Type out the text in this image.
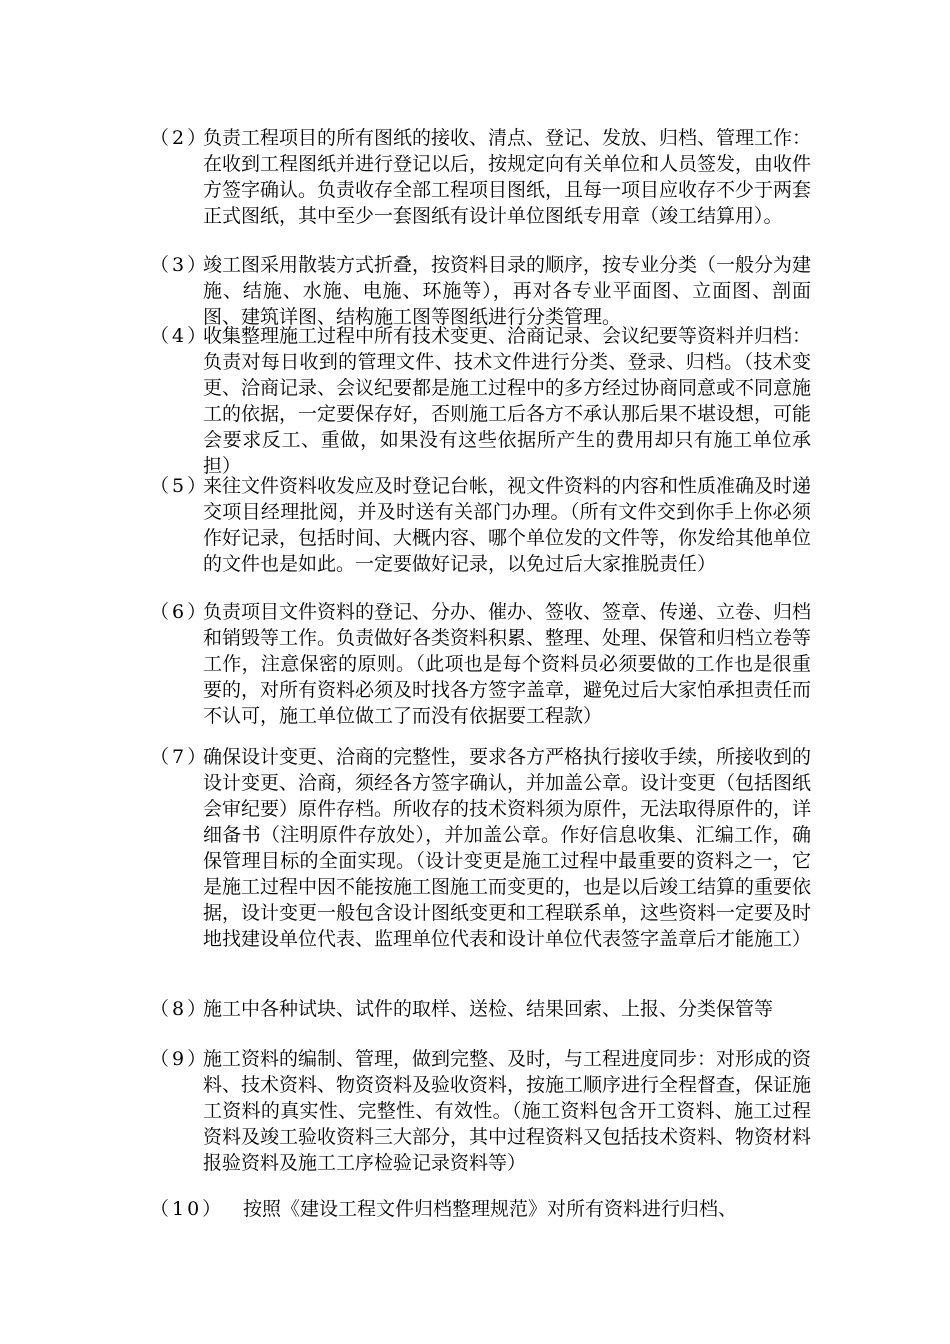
（2）
负责工程项目的所有图纸的接收、清点、登记、发放、归档、管理工作：在收到工程图纸并进行登记以后，按规定向有关单位和人员签发，由收件方签字确认。负责收存全部工程项目图纸，且每一项目应收存不少于两套正式图纸，其中至少一套图纸有设计单位图纸专用章（竣工结算用）。
（3）
竣工图采用散装方式折叠，按资料目录的顺序，按专业分类（一般分为建施、结施、水施、电施、环施等），再对各专业平面图、立面图、剖面图、建筑详图、结构施工图等图纸进行分类管理。
（4）
收集整理施工过程中所有技术变更、洽商记录、会议纪要等资料并归档：负责对每日收到的管理文件、技术文件进行分类、登录、归档。（技术变更、洽商记录、会议纪要都是施工过程中的多方经过协商同意或不同意施工的依据，一定要保存好，否则施工后各方不承认那后果不堪设想，可能会要求反工、重做，如果没有这些依据所产生的费用却只有施工单位承担）
（5）
来往文件资料收发应及时登记台帐，视文件资料的内容和性质准确及时递交项目经理批阅，并及时送有关部门办理。（所有文件交到你手上你必须作好记录，包括时间、大概内容、哪个单位发的文件等，你发给其他单位的文件也是如此。一定要做好记录，以免过后大家推脱责任）
（6）
负责项目文件资料的登记、分办、催办、签收、签章、传递、立卷、归档和销毁等工作。负责做好各类资料积累、整理、处理、保管和归档立卷等工作，注意保密的原则。（此项也是每个资料员必须要做的工作也是很重要的，对所有资料必须及时找各方签字盖章，避免过后大家怕承担责任而不认可，施工单位做工了而没有依据要工程款）
（7）
确保设计变更、洽商的完整性，要求各方严格执行接收手续，所接收到的设计变更、洽商，须经各方签字确认，并加盖公章。设计变更（包括图纸会审纪要）原件存档。所收存的技术资料须为原件，无法取得原件的，详细备书（注明原件存放处），并加盖公章。作好信息收集、汇编工作，确保管理目标的全面实现。（设计变更是施工过程中最重要的资料之一，它是施工过程中因不能按施工图施工而变更的，也是以后竣工结算的重要依据，设计变更一般包含设计图纸变更和工程联系单，这些资料一定要及时地找建设单位代表、监理单位代表和设计单位代表签字盖章后才能施工）
（8）
施工中各种试块、试件的取样、送检、结果回索、上报、分类保管等
（9）
施工资料的编制、管理，做到完整、及时，与工程进度同步：对形成的资料、技术资料、物资资料及验收资料，按施工顺序进行全程督查，保证施工资料的真实性、完整性、有效性。（施工资料包含开工资料、施工过程资料及竣工验收资料三大部分，其中过程资料又包括技术资料、物资材料报验资料及施工工序检验记录资料等）
（10） 按照《建设工程文件归档整理规范》对所有资料进行归档、
